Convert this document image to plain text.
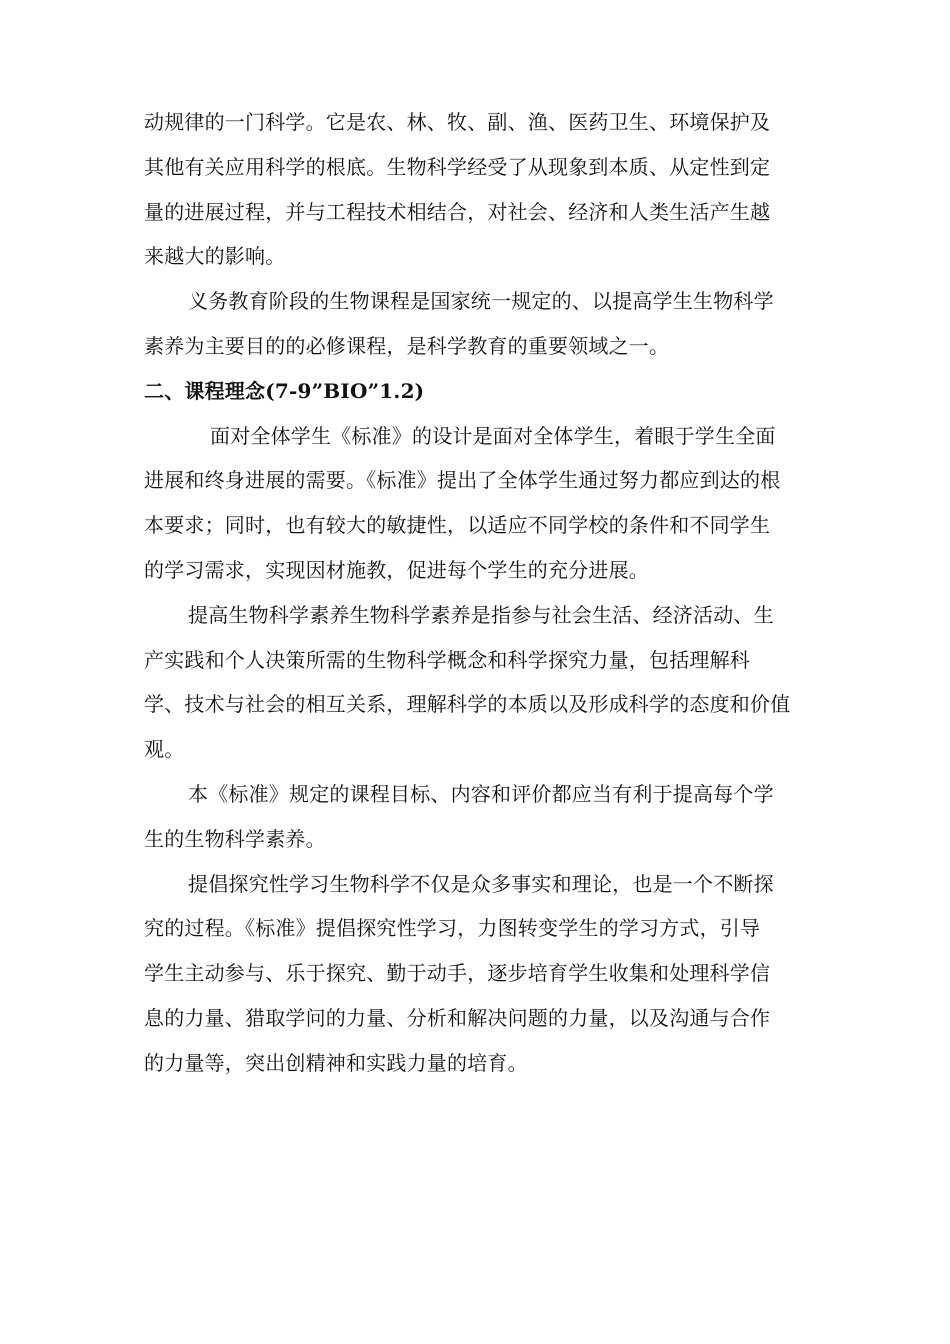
动规律的一门科学。它是农、林、牧、副、渔、医药卫生、环境保护及
其他有关应用科学的根底。生物科学经受了从现象到本质、从定性到定
量的进展过程，并与工程技术相结合，对社会、经济和人类生活产生越
来越大的影响。
义务教育阶段的生物课程是国家统一规定的、以提高学生生物科学
素养为主要目的的必修课程，是科学教育的重要领域之一。
二、课程理念(7-9”BIO”1.2)
面对全体学生《标准》的设计是面对全体学生，着眼于学生全面
进展和终身进展的需要。《标准》提出了全体学生通过努力都应到达的根
本要求；同时，也有较大的敏捷性，以适应不同学校的条件和不同学生
的学习需求，实现因材施教，促进每个学生的充分进展。
提高生物科学素养生物科学素养是指参与社会生活、经济活动、生
产实践和个人决策所需的生物科学概念和科学探究力量，包括理解科
学、技术与社会的相互关系，理解科学的本质以及形成科学的态度和价值
观。
本《标准》规定的课程目标、内容和评价都应当有利于提高每个学
生的生物科学素养。
提倡探究性学习生物科学不仅是众多事实和理论，也是一个不断探
究的过程。《标准》提倡探究性学习，力图转变学生的学习方式，引导
学生主动参与、乐于探究、勤于动手，逐步培育学生收集和处理科学信
息的力量、猎取学问的力量、分析和解决问题的力量，以及沟通与合作
的力量等，突出创精神和实践力量的培育。
